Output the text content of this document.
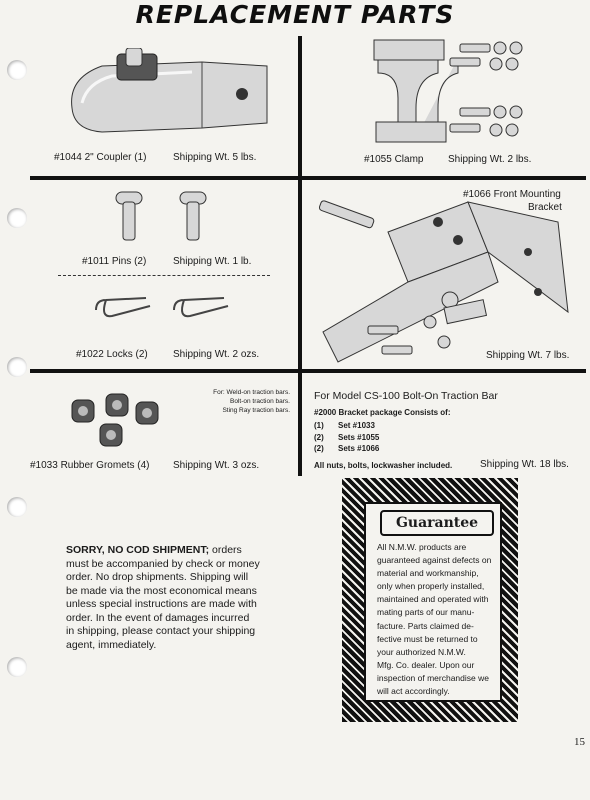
REPLACEMENT PARTS
#1044 2" Coupler (1)	Shipping Wt. 5 lbs.	#1055 Clamp Shipping Wt. 2 lbs.
#1011 Pins (2)	Shipping Wt. 1 lb.
#1022 Locks (2)	Shipping Wt. 2 ozs.
#1066 Front Mounting
Bracket
Shipping Wt. 7 lbs.
For: Weld-on traction bars.
Bolt-on traction bars.
Sting Ray traction bars.
#1033 Rubber Gromets (4) Shipping Wt. 3 ozs.
For Model CS-100 Bolt-On Traction Bar
#2000 Bracket package Consists of:
(1) Set #1033
(2) Sets #1055
(2) Sets #1066
All nuts, bolts, lockwasher included.	Shipping Wt. 18 lbs.
SORRY, NO COD SHIPMENT; orders
must be accompanied by check or money
order. No drop shipments. Shipping will
be made via the most economical means
unless special instructions are made with
order. In the event of damages incurred
in shipping, please contact your shipping
agent, immediately.
Guarantee
All N.M.W. products are
guaranteed against defects on
material and workmanship,
only when properly installed,
maintained and operated with
mating parts of our manu-
facture. Parts claimed de-
fective must be returned to
your authorized N.M.W.
Mfg. Co. dealer. Upon our
inspection of merchandise we
will act accordingly.
15
